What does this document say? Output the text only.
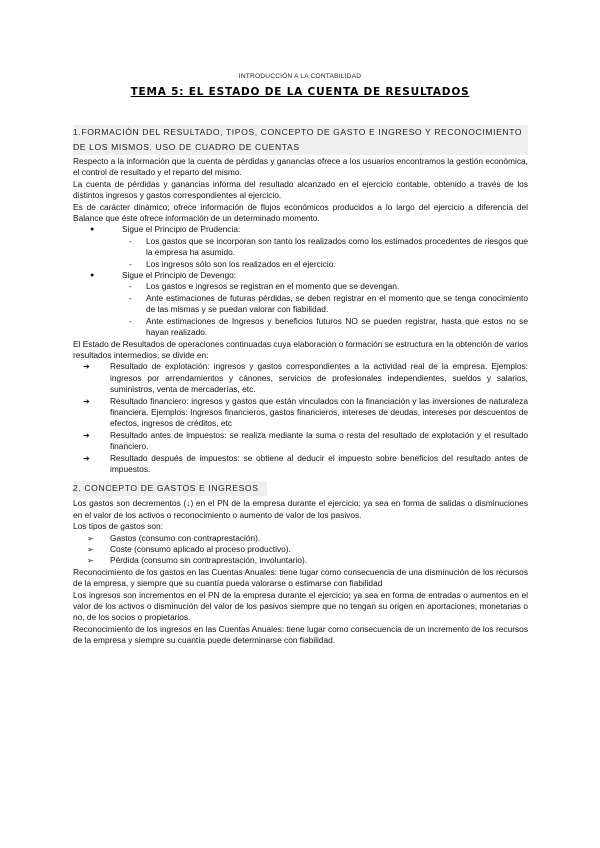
INTRODUCCIÓN A LA CONTABILIDAD
TEMA 5: EL ESTADO DE LA CUENTA DE RESULTADOS
1.FORMACIÓN DEL RESULTADO, TIPOS, CONCEPTO DE GASTO E INGRESO Y RECONOCIMIENTO
DE LOS MISMOS. USO DE CUADRO DE CUENTAS

Respecto a la información que la cuenta de pérdidas y ganancias ofrece a los usuarios encontramos la gestión económica, el control de resultado y el reparto del mismo.

La cuenta de pérdidas y ganancias informa del resultado alcanzado en el ejercicio contable, obtenido a través de los distintos ingresos y gastos correspondientes al ejercicio.

Es de carácter dinámico; ofrece información de flujos económicos producidos a lo largo del ejercicio a diferencia del Balance que éste ofrece información de un determinado momento.

● Sigue el Principio de Prudencia:
- Los gastos que se incorporan son tanto los realizados como los estimados procedentes de riesgos que la empresa ha asumido.
- Los ingresos sólo son los realizados en el ejercicio.
● Sigue el Principio de Devengo:
- Los gastos e ingresos se registran en el momento que se devengan.
- Ante estimaciones de futuras pérdidas, se deben registrar en el momento que se tenga conocimiento de las mismas y se puedan valorar con fiabilidad.
- Ante estimaciones de Ingresos y beneficios futuros NO se pueden registrar, hasta que estos no se hayan realizado.

El Estado de Resultados de operaciones continuadas cuya elaboración o formación se estructura en la obtención de varios resultados intermedios, se divide en:

➔ Resultado de explotación: ingresos y gastos correspondientes a la actividad real de la empresa. Ejemplos: ingresos por arrendamientos y cánones, servicios de profesionales independientes, sueldos y salarios, suministros, venta de mercaderías, etc.
➔ Resultado financiero: ingresos y gastos que están vinculados con la financiación y las inversiones de naturaleza financiera. Ejemplos: Ingresos financieros, gastos financieros, intereses de deudas, intereses por descuentos de efectos, ingresos de créditos, etc
➔ Resultado antes de impuestos: se realiza mediante la suma o resta del resultado de explotación y el resultado financiero.
➔ Resultado después de impuestos: se obtiene al deducir el impuesto sobre beneficios del resultado antes de impuestos.
2. CONCEPTO DE GASTOS E INGRESOS

Los gastos son decrementos (↓) en el PN de la empresa durante el ejercicio; ya sea en forma de salidas o disminuciones en el valor de los activos o reconocimiento o aumento de valor de los pasivos.

Los tipos de gastos son:
➢ Gastos (consumo con contraprestación).
➢ Coste (consumo aplicado al proceso productivo).
➢ Pérdida (consumo sin contraprestación, involuntario).

Reconocimiento de los gastos en las Cuentas Anuales: tiene lugar como consecuencia de una disminución de los recursos de la empresa, y siempre que su cuantía pueda valorarse o estimarse con fiabilidad

Los ingresos son incrementos en el PN de la empresa durante el ejercicio; ya sea en forma de entradas o aumentos en el valor de los activos o disminución del valor de los pasivos siempre que no tengan su origen en aportaciones, monetarias o no, de los socios o propietarios.

Reconocimiento de los ingresos en las Cuentas Anuales: tiene lugar como consecuencia de un incremento de los recursos de la empresa y siempre su cuantía puede determinarse con fiabilidad.
